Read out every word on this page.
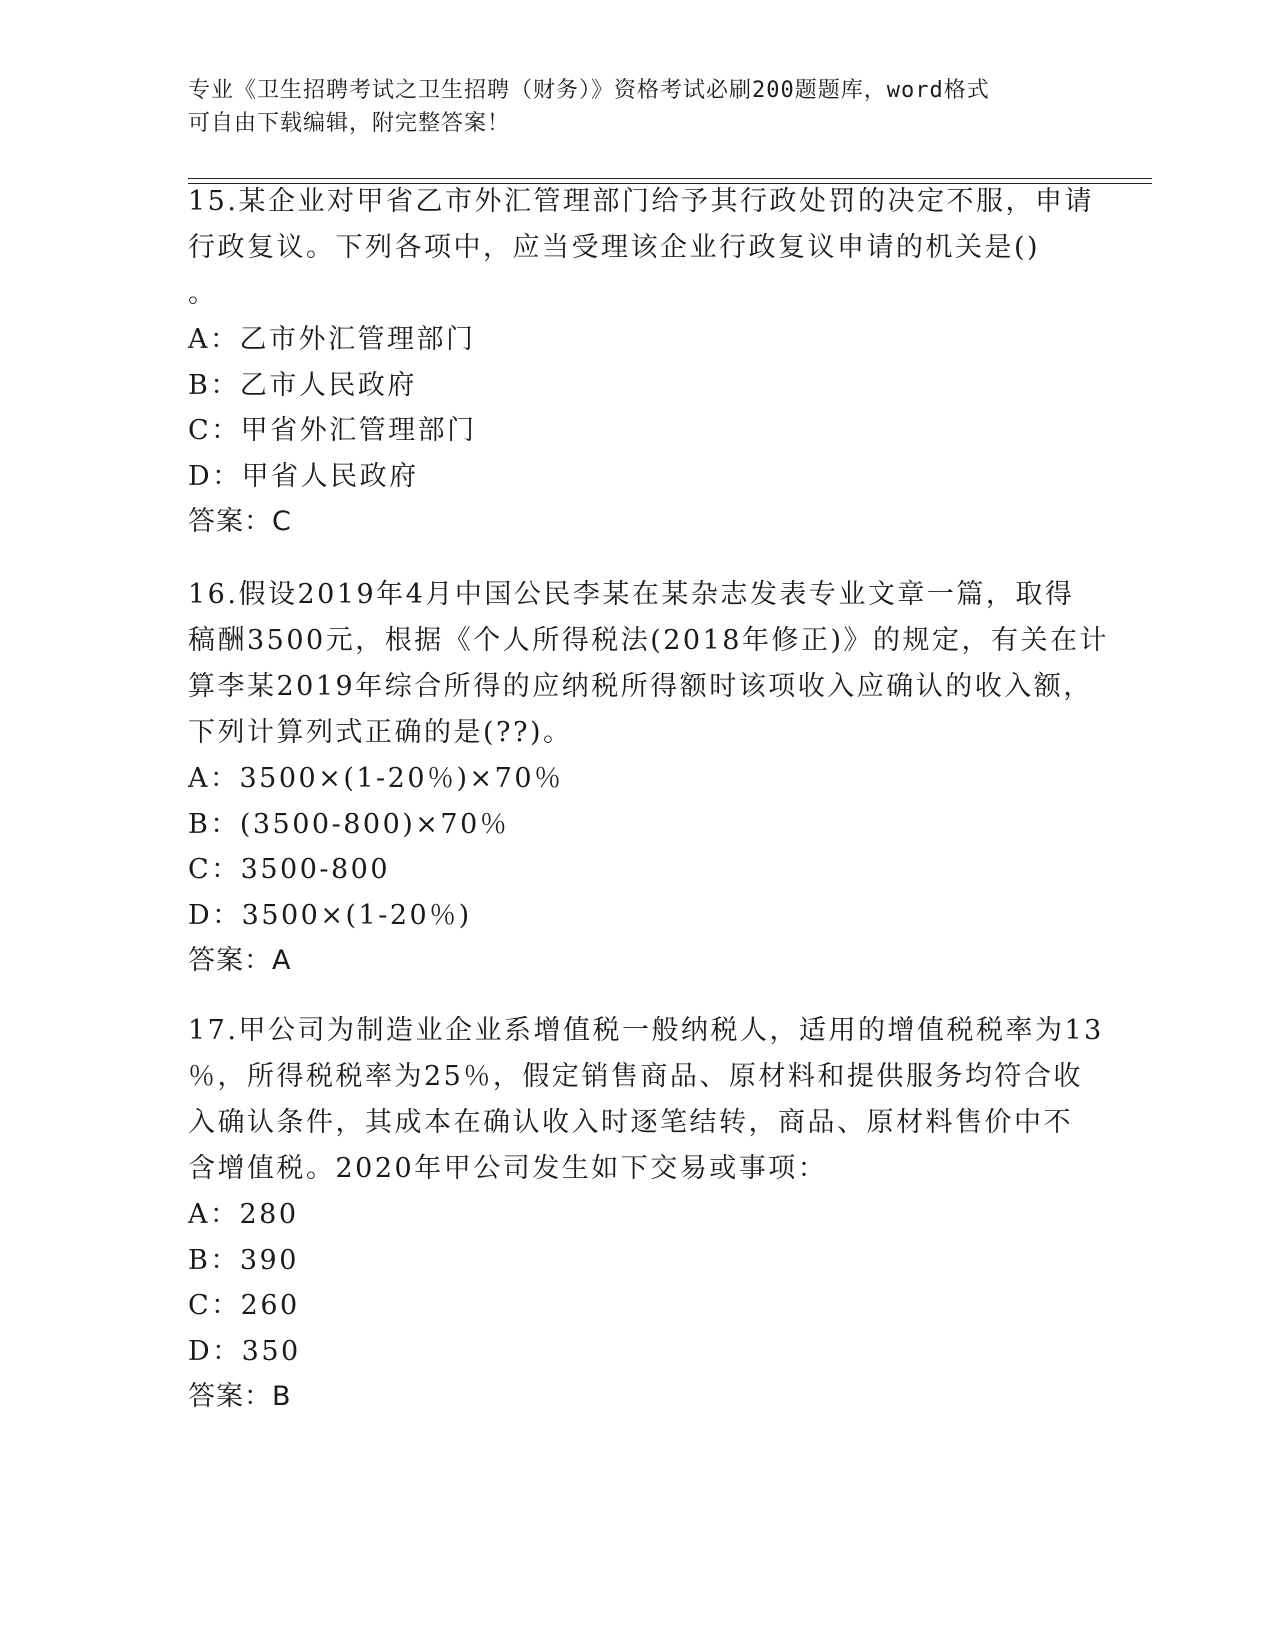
专业《卫生招聘考试之卫生招聘（财务）》资格考试必刷200题题库，word格式
可自由下载编辑，附完整答案！
15.某企业对甲省乙市外汇管理部门给予其行政处罚的决定不服，申请
行政复议。下列各项中，应当受理该企业行政复议申请的机关是()
。
A：乙市外汇管理部门
B：乙市人民政府
C：甲省外汇管理部门
D：甲省人民政府
答案：C
16.假设2019年4月中国公民李某在某杂志发表专业文章一篇，取得
稿酬3500元，根据《个人所得税法(2018年修正)》的规定，有关在计
算李某2019年综合所得的应纳税所得额时该项收入应确认的收入额，
下列计算列式正确的是(??)。
A：3500×(1-20％)×70％
B：(3500-800)×70％
C：3500-800
D：3500×(1-20％)
答案：A
17.甲公司为制造业企业系增值税一般纳税人，适用的增值税税率为13
％，所得税税率为25％，假定销售商品、原材料和提供服务均符合收
入确认条件，其成本在确认收入时逐笔结转，商品、原材料售价中不
含增值税。2020年甲公司发生如下交易或事项：
A：280
B：390
C：260
D：350
答案：B
